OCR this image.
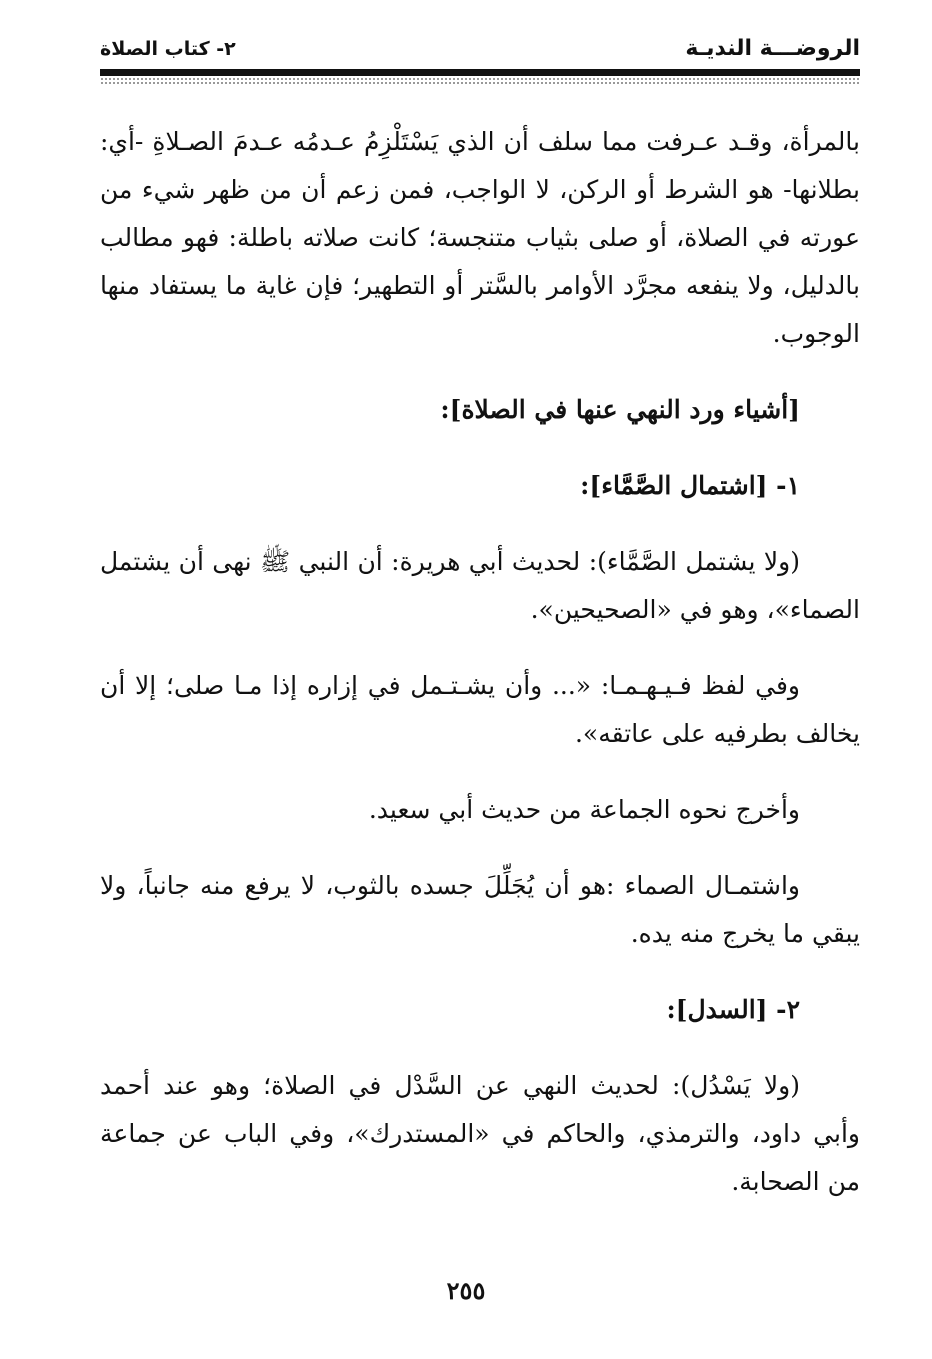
الروضـــة النديـة
٢- كتاب الصلاة

بالمرأة، وقـد عـرفت مما سلف أن الذي يَسْتَلْزِمُ عـدمُه عـدمَ الصـلاةِ -أي: بطلانها- هو الشرط أو الركن، لا الواجب، فمن زعم أن من ظهر شيء من عورته في الصلاة، أو صلى بثياب متنجسة؛ كانت صلاته باطلة: فهو مطالب بالدليل، ولا ينفعه مجرَّد الأوامر بالسَّتر أو التطهير؛ فإن غاية ما يستفاد منها الوجوب.

[أشياء ورد النهي عنها في الصلاة]:

١- [اشتمال الصَّمَّاء]:

(ولا يشتمل الصَّمَّاء): لحديث أبي هريرة: أن النبي ﷺ نهى أن يشتمل الصماء»، وهو في «الصحيحين».

وفي لفظ فـيـهـمـا: «... وأن يشـتـمل في إزاره إذا مـا صلى؛ إلا أن يخالف بطرفيه على عاتقه».

وأخرج نحوه الجماعة من حديث أبي سعيد.

واشتمـال الصماء :هو أن يُجَلِّلَ جسده بالثوب، لا يرفع منه جانباً، ولا يبقي ما يخرج منه يده.

٢- [السدل]:

(ولا يَسْدُل): لحديث النهي عن السَّدْل في الصلاة؛ وهو عند أحمد وأبي داود، والترمذي، والحاكم في «المستدرك»، وفي الباب عن جماعة من الصحابة.

٢٥٥
